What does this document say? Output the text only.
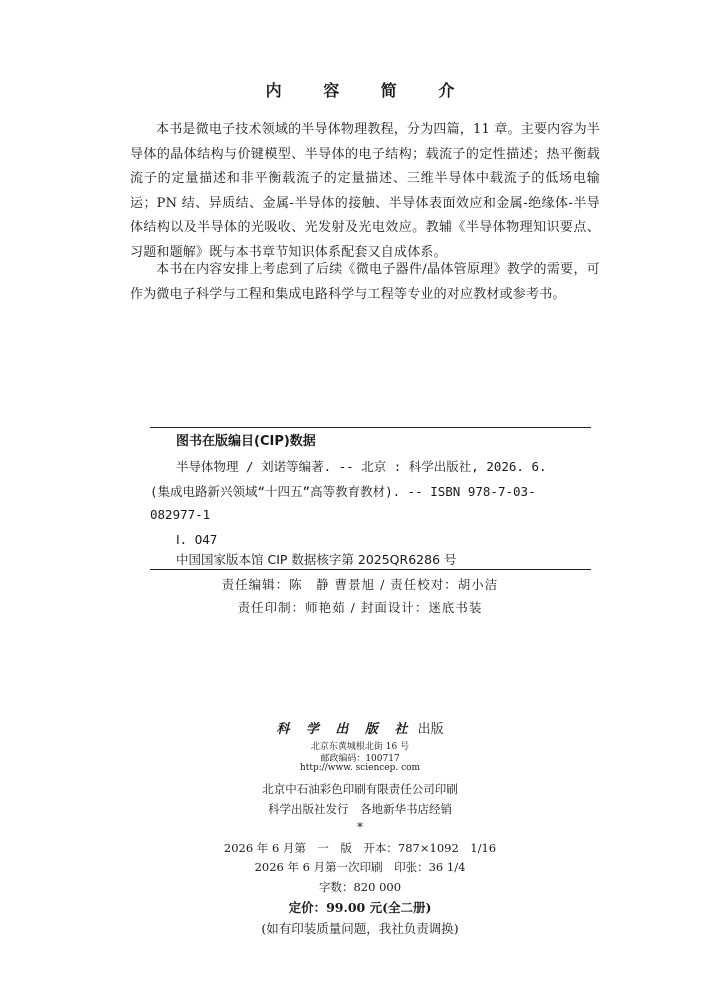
内 容 简 介

本书是微电子技术领域的半导体物理教程，分为四篇，11 章。主要内容为半导体的晶体结构与价键模型、半导体的电子结构；载流子的定性描述；热平衡载流子的定量描述和非平衡载流子的定量描述、三维半导体中载流子的低场电输运；PN 结、异质结、金属-半导体的接触、半导体表面效应和金属-绝缘体-半导体结构以及半导体的光吸收、光发射及光电效应。教辅《半导体物理知识要点、习题和题解》既与本书章节知识体系配套又自成体系。

本书在内容安排上考虑到了后续《微电子器件/晶体管原理》教学的需要，可作为微电子科学与工程和集成电路科学与工程等专业的对应教材或参考书。

图书在版编目(CIP)数据
半导体物理 / 刘诺等编著. -- 北京 : 科学出版社, 2026. 6.
(集成电路新兴领域“十四五”高等教育教材). -- ISBN 978-7-03-
082977-1
Ⅰ. O47
中国国家版本馆 CIP 数据核字第 2025QR6286 号
责任编辑：陈　静 曹景旭 / 责任校对：胡小洁
责任印制：师艳茹 / 封面设计：迷底书装
科 学 出 版 社 出版
北京东黄城根北街 16 号
邮政编码：100717
http://www. sciencep. com
北京中石油彩色印刷有限责任公司印刷
科学出版社发行　各地新华书店经销
*
2026 年 6 月第　一　版　开本：787×1092　1/16
2026 年 6 月第一次印刷　印张：36 1/4
字数：820 000
定价：99.00 元(全二册)
(如有印装质量问题，我社负责调换)
